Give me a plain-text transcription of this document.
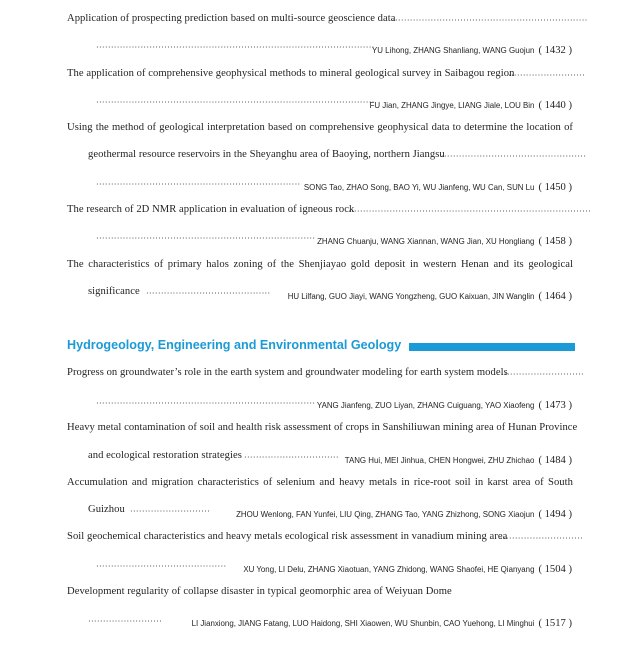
Application of prospecting prediction based on multi-source geoscience data
··································································
······························································································
YU Lihong, ZHANG Shanliang, WANG Guojun ( 1432 )
The application of comprehensive geophysical methods to mineral geological survey in Saibagou region
··························
······························································································
FU Jian, ZHANG Jingye, LIANG Jiale, LOU Bin ( 1440 )
Using the method of geological interpretation based on comprehensive geophysical data to determine the location of
geothermal resource reservoirs in the Sheyanghu area of Baoying, northern Jiangsu
·················································
····································································· SONG Tao, ZHAO Song, BAO Yi, WU Jianfeng, WU Can, SUN Lu ( 1450 )
The research of 2D NMR application in evaluation of igneous rock
··················································································
·········································································· ZHANG Chuanju, WANG Xiannan, WANG Jian, XU Hongliang ( 1458 )
The characteristics of primary halos zoning of the Shenjiayao gold deposit in western Henan and its geological
significance ·········································· HU Lilfang, GUO Jiayi, WANG Yongzheng, GUO Kaixuan, JIN Wanglin ( 1464 )
Hydrogeology, Engineering and Environmental Geology
Progress on groundwater’s role in the earth system and groundwater modeling for earth system models
····························
·········································································· YANG Jianfeng, ZUO Liyan, ZHANG Cuiguang, YAO Xiaofeng ( 1473 )
Heavy metal contamination of soil and health risk assessment of crops in Sanshiliuwan mining area of Hunan Province
and ecological restoration strategies ································ TANG Hui, MEI Jinhua, CHEN Hongwei, ZHU Zhichao ( 1484 )
Accumulation and migration characteristics of selenium and heavy metals in rice-root soil in karst area of South
Guizhou ···························	ZHOU Wenlong, FAN Yunfei, LIU Qing, ZHANG Tao, YANG Zhizhong, SONG Xiaojun ( 1494 )
Soil geochemical characteristics and heavy metals ecological risk assessment in vanadium mining area
····························
············································ XU Yong, LI Delu, ZHANG Xiaotuan, YANG Zhidong, WANG Shaofei, HE Qianyang ( 1504 )
Development regularity of collapse disaster in typical geomorphic area of Weiyuan Dome
·························	LI Jianxiong, JIANG Fatang, LUO Haidong, SHI Xiaowen, WU Shunbin, CAO Yuehong, LI Minghui ( 1517 )
